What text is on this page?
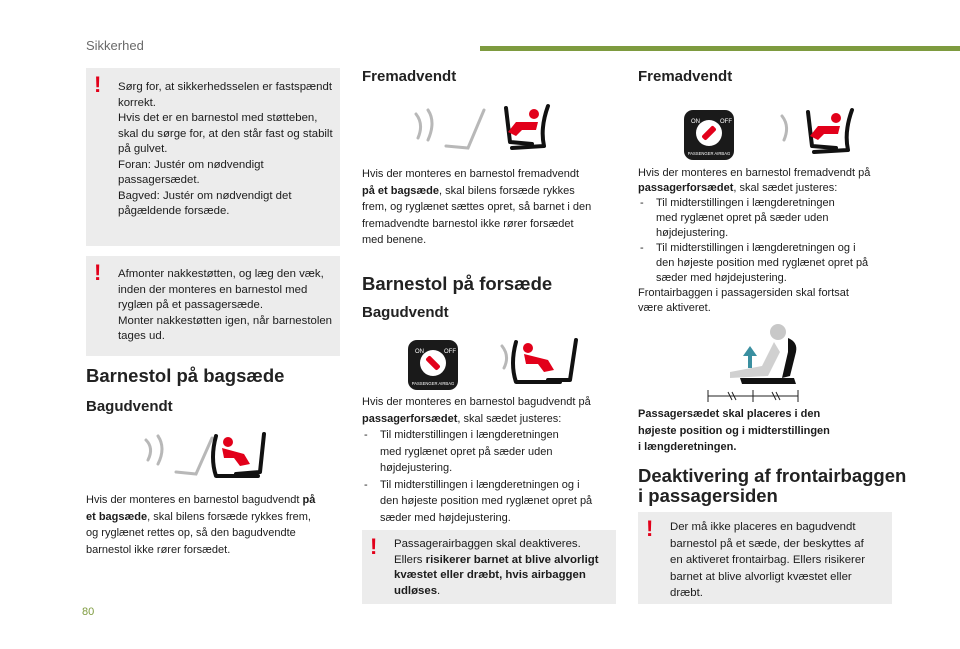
Sikkerhed
! Sørg for, at sikkerhedsselen er fastspændt
korrekt.
Hvis det er en barnestol med støtteben,
skal du sørge for, at den står fast og stabilt
på gulvet.
Foran: Justér om nødvendigt
passagersædet.
Bagved: Justér om nødvendigt det
pågældende forsæde.
! Afmonter nakkestøtten, og læg den væk,
inden der monteres en barnestol med
ryglæn på et passagersæde.
Monter nakkestøtten igen, når barnestolen
tages ud.
Barnestol på bagsæde
Bagudvendt

Hvis der monteres en barnestol bagudvendt på

et bagsæde, skal bilens forsæde rykkes frem,

og ryglænet rettes op, så den bagudvendte

barnestol ikke rører forsædet.

Fremadvendt

Hvis der monteres en barnestol fremadvendt

på et bagsæde, skal bilens forsæde rykkes

frem, og ryglænet sættes opret, så barnet i den

fremadvendte barnestol ikke rører forsædet

med benene.

Barnestol på forsæde
Bagudvendt
ON	OFF
PASSENGER AIRBAG

Hvis der monteres en barnestol bagudvendt på

passagerforsædet, skal sædet justeres:

- Til midterstillingen i længderetningen

med ryglænet opret på sæder uden

højdejustering.

- Til midterstillingen i længderetningen og i

den højeste position med ryglænet opret på

sæder med højdejustering.

! Passagerairbaggen skal deaktiveres.
Ellers risikerer barnet at blive alvorligt
kvæstet eller dræbt, hvis airbaggen
udløses.
Fremadvendt
ON	OFF
PASSENGER AIRBAG

Hvis der monteres en barnestol fremadvendt på

passagerforsædet, skal sædet justeres:

- Til midterstillingen i længderetningen

med ryglænet opret på sæder uden

højdejustering.

- Til midterstillingen i længderetningen og i

den højeste position med ryglænet opret på

sæder med højdejustering.

Frontairbaggen i passagersiden skal fortsat

være aktiveret.

Passagersædet skal placeres i den

højeste position og i midterstillingen

i længderetningen.

Deaktivering af frontairbaggen
i passagersiden
! Der må ikke placeres en bagudvendt
barnestol på et sæde, der beskyttes af
en aktiveret frontairbag. Ellers risikerer
barnet at blive alvorligt kvæstet eller
dræbt.
80
